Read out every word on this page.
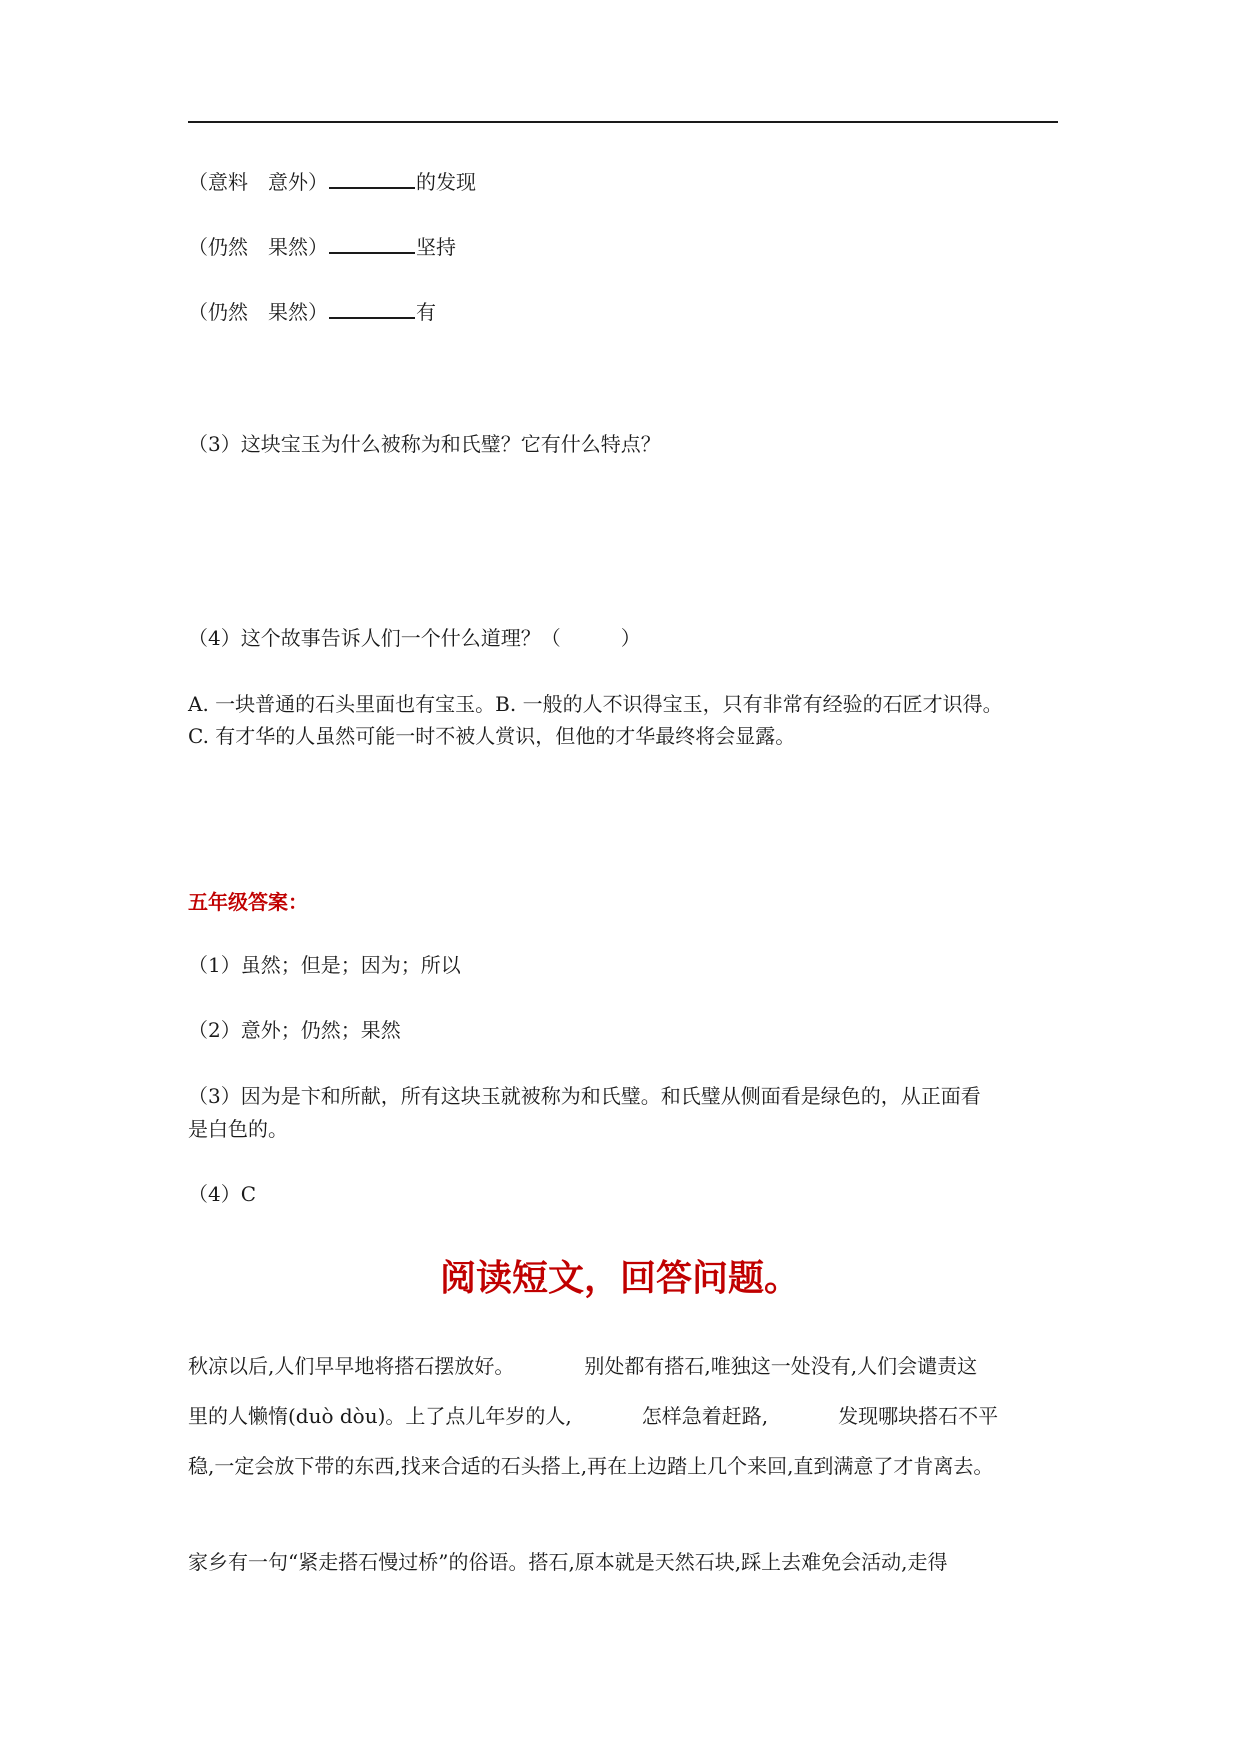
（意料　意外）	的发现
（仍然　果然）	坚持
（仍然　果然）	有
（3）这块宝玉为什么被称为和氏璧？它有什么特点？
（4）这个故事告诉人们一个什么道理？（　　　）
A. 一块普通的石头里面也有宝玉。B. 一般的人不识得宝玉，只有非常有经验的石匠才识得。
C. 有才华的人虽然可能一时不被人赏识，但他的才华最终将会显露。
五年级答案：
（1）虽然；但是；因为；所以
（2）意外；仍然；果然
（3）因为是卞和所献，所有这块玉就被称为和氏璧。和氏璧从侧面看是绿色的，从正面看
是白色的。
（4）C
阅读短文，回答问题。
秋凉以后,人们早早地将搭石摆放好。	别处都有搭石,唯独这一处没有,人们会谴责这
里的人懒惰(duò dòu)。上了点儿年岁的人,	怎样急着赶路,	发现哪块搭石不平
稳,一定会放下带的东西,找来合适的石头搭上,再在上边踏上几个来回,直到满意了才肯离去。
家乡有一句“紧走搭石慢过桥”的俗语。搭石,原本就是天然石块,踩上去难免会活动,走得
